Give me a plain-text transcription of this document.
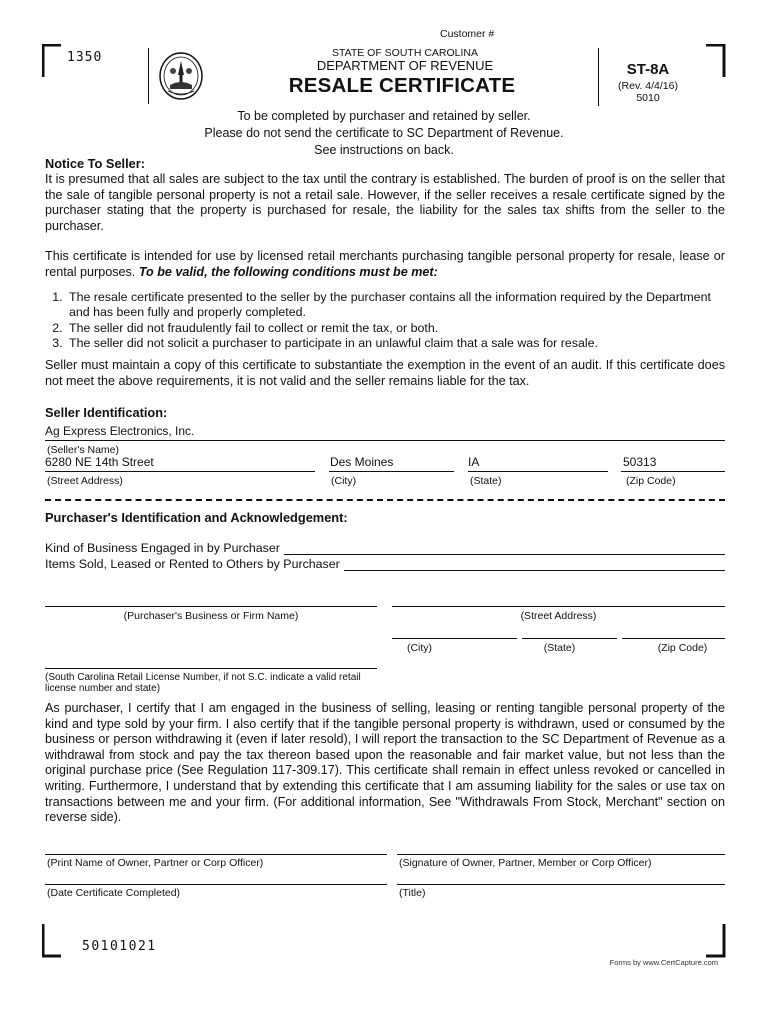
Customer #
1350	STATE OF SOUTH CAROLINA
DEPARTMENT OF REVENUE
RESALE CERTIFICATE
ST-8A
(Rev. 4/4/16)
5010
To be completed by purchaser and retained by seller.
Please do not send the certificate to SC Department of Revenue.
See instructions on back.
Notice To Seller:
It is presumed that all sales are subject to the tax until the contrary is established. The burden of proof is on the seller that the sale of tangible personal property is not a retail sale. However, if the seller receives a resale certificate signed by the purchaser stating that the property is purchased for resale, the liability for the sales tax shifts from the seller to the purchaser.
This certificate is intended for use by licensed retail merchants purchasing tangible personal property for resale, lease or rental purposes. To be valid, the following conditions must be met:
1. The resale certificate presented to the seller by the purchaser contains all the information required by the Department and has been fully and properly completed.
2. The seller did not fraudulently fail to collect or remit the tax, or both.
3. The seller did not solicit a purchaser to participate in an unlawful claim that a sale was for resale.
Seller must maintain a copy of this certificate to substantiate the exemption in the event of an audit. If this certificate does not meet the above requirements, it is not valid and the seller remains liable for the tax.
Seller Identification:
Ag Express Electronics, Inc.
(Seller's Name)
6280 NE 14th Street	Des Moines	IA	50313
(Street Address)	(City)	(State)	(Zip Code)
Purchaser's Identification and Acknowledgement:
Kind of Business Engaged in by Purchaser
Items Sold, Leased or Rented to Others by Purchaser
(Purchaser's Business or Firm Name)	(Street Address)
(City)	(State)	(Zip Code)
(South Carolina Retail License Number, if not S.C. indicate a valid retail license number and state)
As purchaser, I certify that I am engaged in the business of selling, leasing or renting tangible personal property of the kind and type sold by your firm. I also certify that if the tangible personal property is withdrawn, used or consumed by the business or person withdrawing it (even if later resold), I will report the transaction to the SC Department of Revenue as a withdrawal from stock and pay the tax thereon based upon the reasonable and fair market value, but not less than the original purchase price (See Regulation 117-309.17). This certificate shall remain in effect unless revoked or cancelled in writing. Furthermore, I understand that by extending this certificate that I am assuming liability for the sales or use tax on transactions between me and your firm. (For additional information, See "Withdrawals From Stock, Merchant" section on reverse side).
(Print Name of Owner, Partner or Corp Officer)	(Signature of Owner, Partner, Member or Corp Officer)
(Date Certificate Completed)	(Title)
50101021
Forms by www.CertCapture.com
